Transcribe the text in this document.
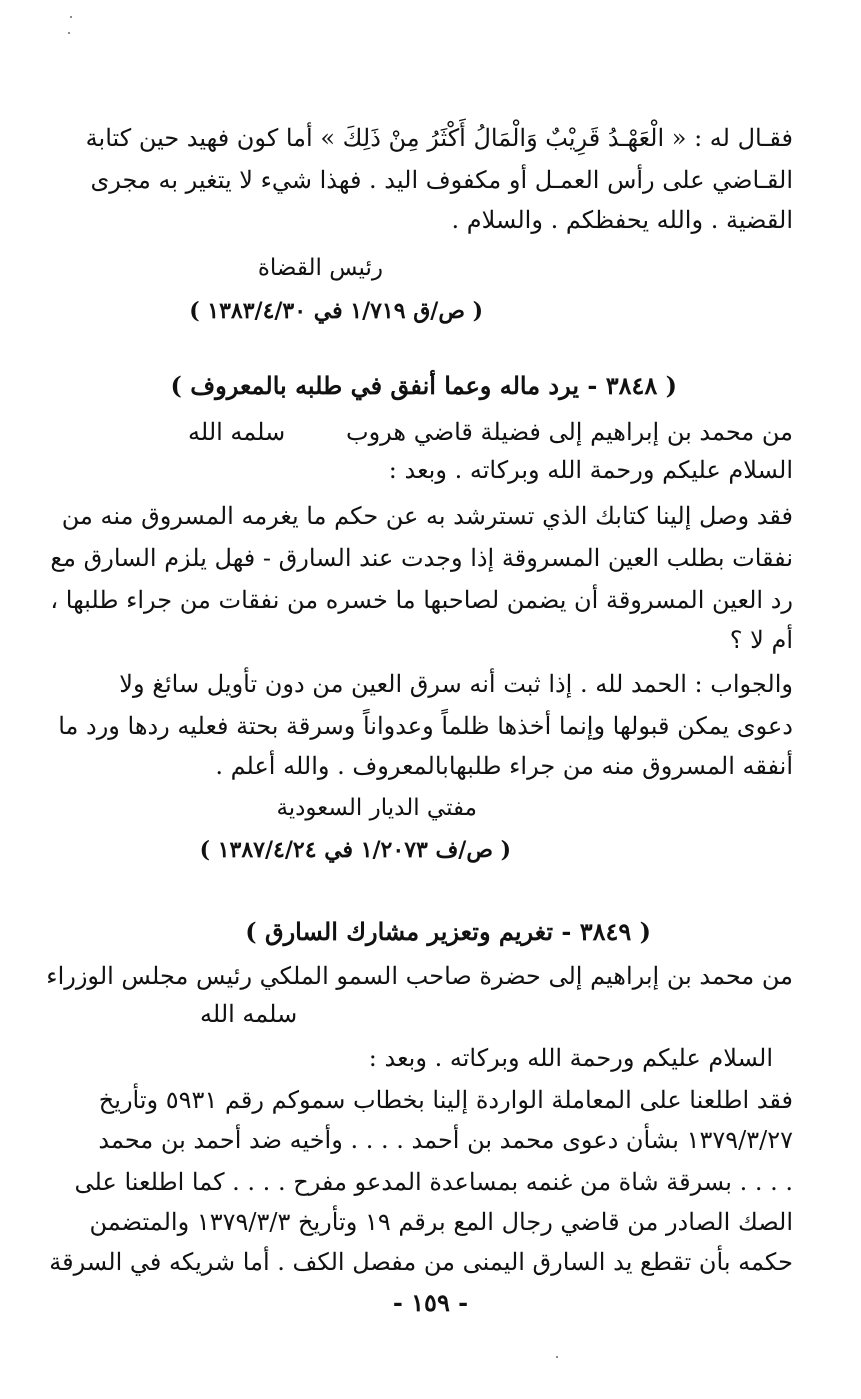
فقـال له : « الْعَهْـدُ قَرِيْبٌ وَالْمَالُ أَكْثَرُ مِنْ ذَلِكَ » أما كون فهيد حين كتابة
القـاضي على رأس العمـل أو مكفوف اليد . فهذا شيء لا يتغير به مجرى
القضية . والله يحفظكم . والسلام .
رئيس القضاة
( ص/ق ١/٧١٩ في ١٣٨٣/٤/٣٠ )
( ٣٨٤٨ - يرد ماله وعما أنفق في طلبه بالمعروف )
من محمد بن إبراهيم إلى فضيلة قاضي هروب
سلمه الله
السلام عليكم ورحمة الله وبركاته . وبعد :
فقد وصل إلينا كتابك الذي تسترشد به عن حكم ما يغرمه المسروق منه من
نفقات بطلب العين المسروقة إذا وجدت عند السارق - فهل يلزم السارق مع
رد العين المسروقة أن يضمن لصاحبها ما خسره من نفقات من جراء طلبها ،
أم لا ؟
والجواب : الحمد لله . إذا ثبت أنه سرق العين من دون تأويل سائغ ولا
دعوى يمكن قبولها وإنما أخذها ظلماً وعدواناً وسرقة بحتة فعليه ردها ورد ما
أنفقه المسروق منه من جراء طلبهابالمعروف . والله أعلم .
مفتي الديار السعودية
( ص/ف ١/٢٠٧٣ في ١٣٨٧/٤/٢٤ )
( ٣٨٤٩ - تغريم وتعزير مشارك السارق )
من محمد بن إبراهيم إلى حضرة صاحب السمو الملكي رئيس مجلس الوزراء
سلمه الله
السلام عليكم ورحمة الله وبركاته . وبعد :
فقد اطلعنا على المعاملة الواردة إلينا بخطاب سموكم رقم ٥٩٣١ وتأريخ
١٣٧٩/٣/٢٧ بشأن دعوى محمد بن أحمد . . . . وأخيه ضد أحمد بن محمد
. . . . بسرقة شاة من غنمه بمساعدة المدعو مفرح . . . . كما اطلعنا على
الصك الصادر من قاضي رجال المع برقم ١٩ وتأريخ ١٣٧٩/٣/٣ والمتضمن
حكمه بأن تقطع يد السارق اليمنى من مفصل الكف . أما شريكه في السرقة
- ١٥٩ -
